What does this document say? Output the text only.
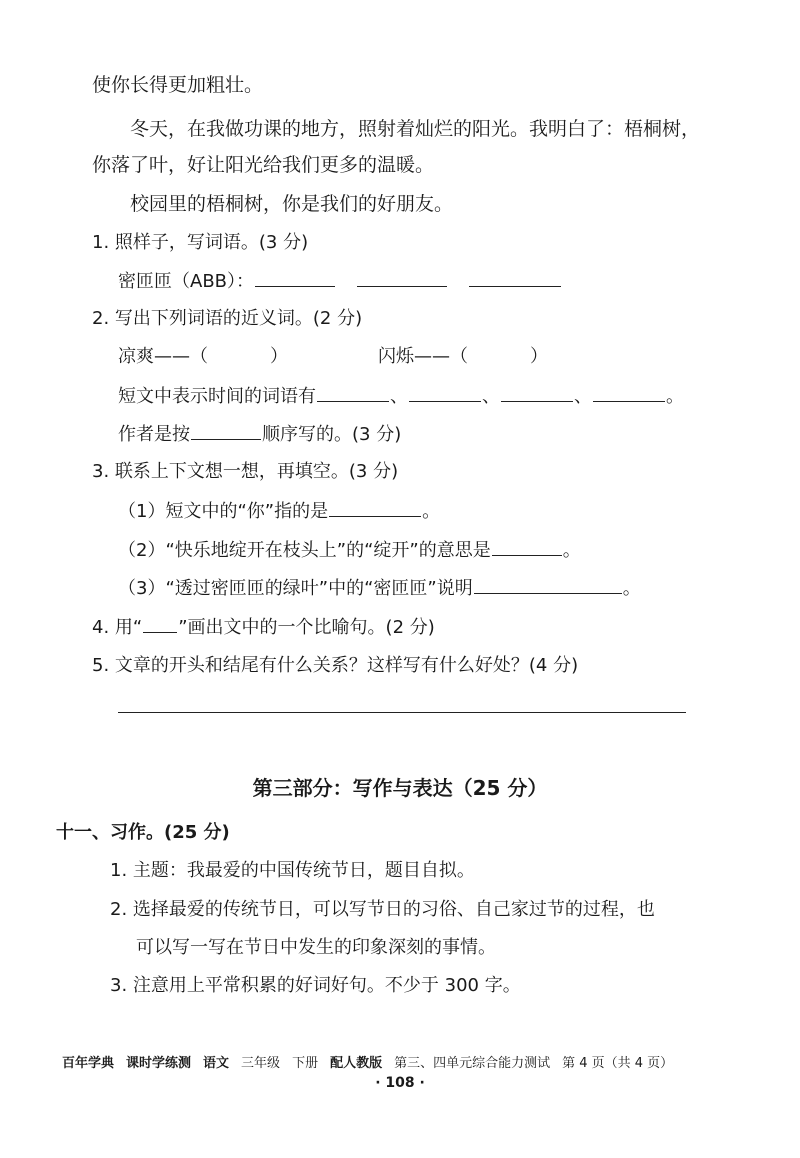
使你长得更加粗壮。
冬天，在我做功课的地方，照射着灿烂的阳光。我明白了：梧桐树，
你落了叶，好让阳光给我们更多的温暖。
校园里的梧桐树，你是我们的好朋友。
1. 照样子，写词语。(3 分)
密匝匝（ABB）：
2. 写出下列词语的近义词。(2 分)
凉爽——（	）	闪烁——（	）
短文中表示时间的词语有	、	、	、	。
作者是按	顺序写的。(3 分)
3. 联系上下文想一想，再填空。(3 分)
（1）短文中的“你”指的是	。
（2）“快乐地绽开在枝头上”的“绽开”的意思是	。
（3）“透过密匝匝的绿叶”中的“密匝匝”说明	。
4. 用“ ”画出文中的一个比喻句。(2 分)
5. 文章的开头和结尾有什么关系？这样写有什么好处？(4 分)
第三部分：写作与表达（25 分）
十一、习作。(25 分)
1. 主题：我最爱的中国传统节日，题目自拟。
2. 选择最爱的传统节日，可以写节日的习俗、自己家过节的过程，也
可以写一写在节日中发生的印象深刻的事情。
3. 注意用上平常积累的好词好句。不少于 300 字。
百年学典 课时学练测 语文 三年级 下册 配人教版 第三、四单元综合能力测试 第 4 页（共 4 页）
· 108 ·
